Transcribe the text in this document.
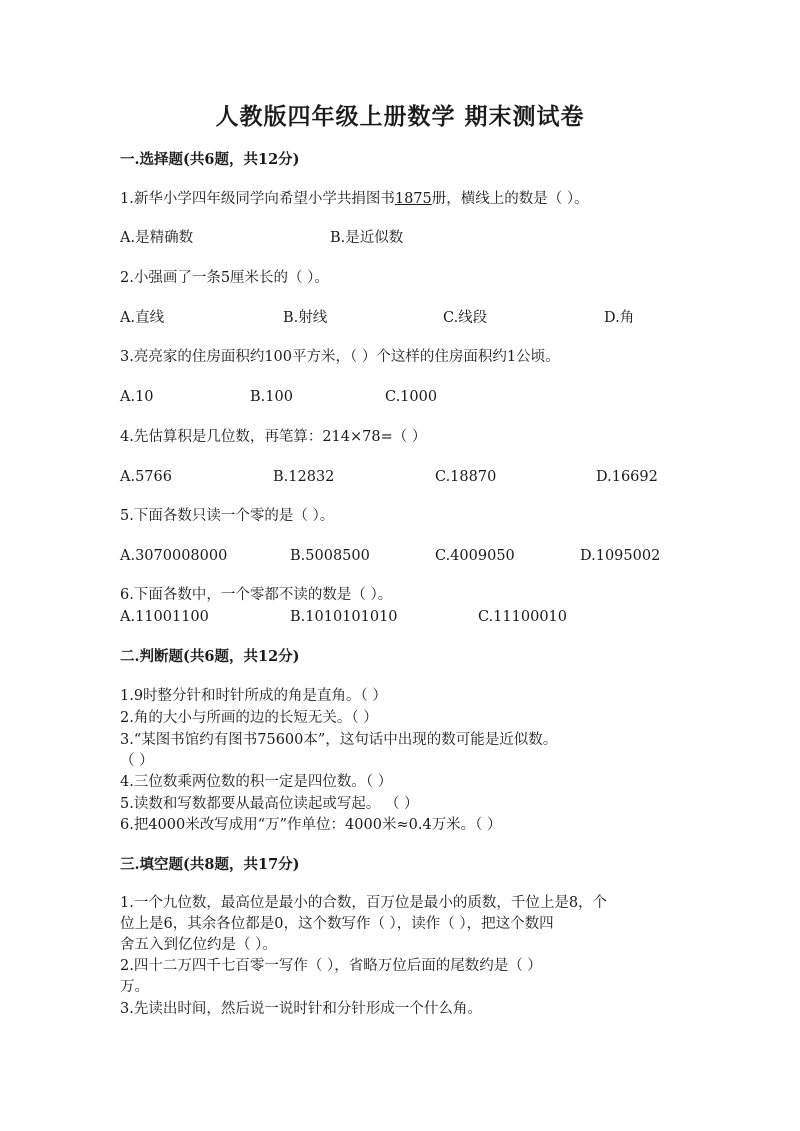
人教版四年级上册数学 期末测试卷
一.选择题(共6题，共12分)
1.新华小学四年级同学向希望小学共捐图书1875册，横线上的数是（ ）。
A.是精确数	B.是近似数
2.小强画了一条5厘米长的（ ）。
A.直线	B.射线	C.线段	D.角
3.亮亮家的住房面积约100平方米，（ ）个这样的住房面积约1公顷。
A.10	B.100	C.1000
4.先估算积是几位数，再笔算：214×78=（ ）
A.5766	B.12832	C.18870	D.16692
5.下面各数只读一个零的是（ ）。
A.3070008000	B.5008500	C.4009050	D.1095002
6.下面各数中，一个零都不读的数是（ ）。
A.11001100	B.1010101010	C.11100010
二.判断题(共6题，共12分)
1.9时整分针和时针所成的角是直角。（ ）
2.角的大小与所画的边的长短无关。（ ）
3.“某图书馆约有图书75600本”，这句话中出现的数可能是近似数。
（ ）
4.三位数乘两位数的积一定是四位数。（ ）
5.读数和写数都要从最高位读起或写起。 （ ）
6.把4000米改写成用“万”作单位：4000米≈0.4万米。（ ）
三.填空题(共8题，共17分)
1.一个九位数，最高位是最小的合数，百万位是最小的质数，千位上是8，个
位上是6，其余各位都是0，这个数写作（ ），读作（ ），把这个数四
舍五入到亿位约是（ ）。
2.四十二万四千七百零一写作（ ），省略万位后面的尾数约是（ ）
万。
3.先读出时间，然后说一说时针和分针形成一个什么角。
